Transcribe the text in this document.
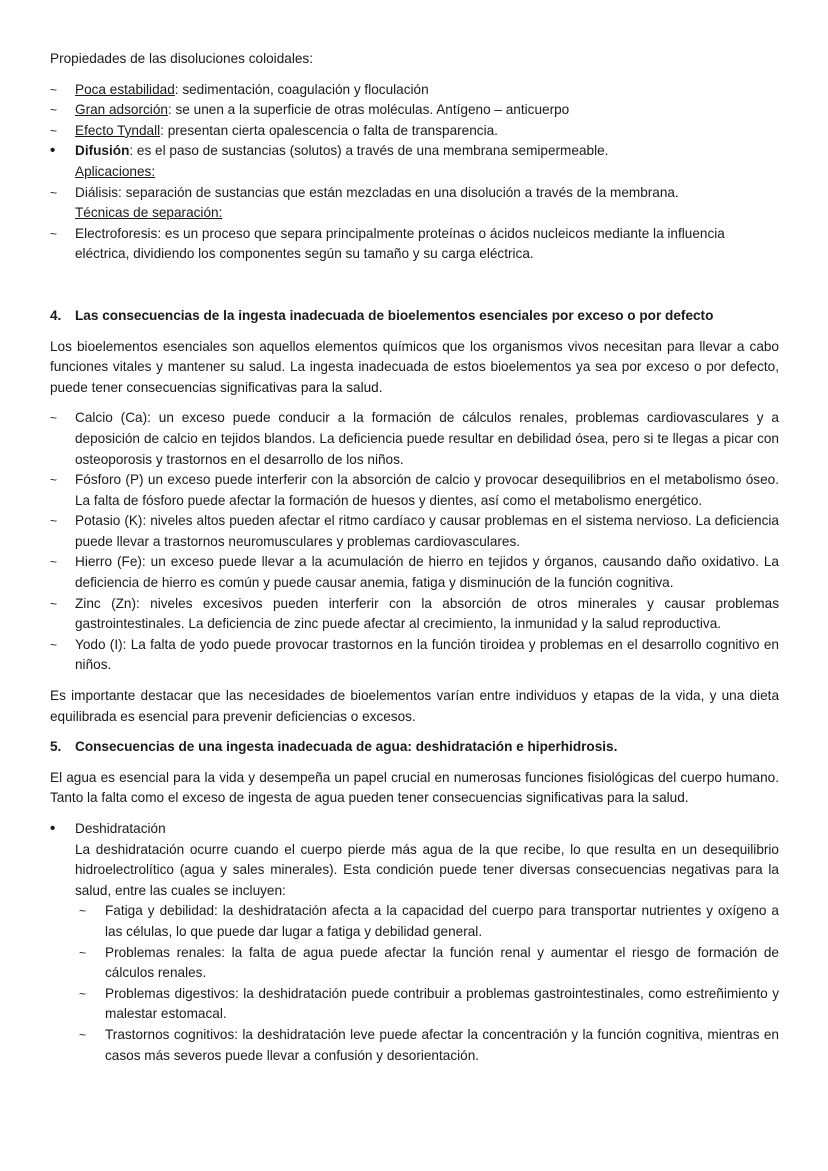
Propiedades de las disoluciones coloidales:

~	Poca estabilidad: sedimentación, coagulación y floculación
~	Gran adsorción: se unen a la superficie de otras moléculas. Antígeno – anticuerpo
~	Efecto Tyndall: presentan cierta opalescencia o falta de transparencia.
•	Difusión: es el paso de sustancias (solutos) a través de una membrana semipermeable.
Aplicaciones:
~	Diálisis: separación de sustancias que están mezcladas en una disolución a través de la membrana.
Técnicas de separación:
~	Electroforesis: es un proceso que separa principalmente proteínas o ácidos nucleicos mediante la influencia eléctrica, dividiendo los componentes según su tamaño y su carga eléctrica.
4. Las consecuencias de la ingesta inadecuada de bioelementos esenciales por exceso o por defecto

Los bioelementos esenciales son aquellos elementos químicos que los organismos vivos necesitan para llevar a cabo funciones vitales y mantener su salud. La ingesta inadecuada de estos bioelementos ya sea por exceso o por defecto, puede tener consecuencias significativas para la salud.

~	Calcio (Ca): un exceso puede conducir a la formación de cálculos renales, problemas cardiovasculares y a deposición de calcio en tejidos blandos. La deficiencia puede resultar en debilidad ósea, pero si te llegas a picar con osteoporosis y trastornos en el desarrollo de los niños.
~	Fósforo (P) un exceso puede interferir con la absorción de calcio y provocar desequilibrios en el metabolismo óseo. La falta de fósforo puede afectar la formación de huesos y dientes, así como el metabolismo energético.
~	Potasio (K): niveles altos pueden afectar el ritmo cardíaco y causar problemas en el sistema nervioso. La deficiencia puede llevar a trastornos neuromusculares y problemas cardiovasculares.
~	Hierro (Fe): un exceso puede llevar a la acumulación de hierro en tejidos y órganos, causando daño oxidativo. La deficiencia de hierro es común y puede causar anemia, fatiga y disminución de la función cognitiva.
~	Zinc (Zn): niveles excesivos pueden interferir con la absorción de otros minerales y causar problemas gastrointestinales. La deficiencia de zinc puede afectar al crecimiento, la inmunidad y la salud reproductiva.
~	Yodo (I): La falta de yodo puede provocar trastornos en la función tiroidea y problemas en el desarrollo cognitivo en niños.

Es importante destacar que las necesidades de bioelementos varían entre individuos y etapas de la vida, y una dieta equilibrada es esencial para prevenir deficiencias o excesos.

5. Consecuencias de una ingesta inadecuada de agua: deshidratación e hiperhidrosis.

El agua es esencial para la vida y desempeña un papel crucial en numerosas funciones fisiológicas del cuerpo humano. Tanto la falta como el exceso de ingesta de agua pueden tener consecuencias significativas para la salud.

•	Deshidratación
La deshidratación ocurre cuando el cuerpo pierde más agua de la que recibe, lo que resulta en un desequilibrio hidroelectrolítico (agua y sales minerales). Esta condición puede tener diversas consecuencias negativas para la salud, entre las cuales se incluyen:
~	Fatiga y debilidad: la deshidratación afecta a la capacidad del cuerpo para transportar nutrientes y oxígeno a las células, lo que puede dar lugar a fatiga y debilidad general.
~	Problemas renales: la falta de agua puede afectar la función renal y aumentar el riesgo de formación de cálculos renales.
~	Problemas digestivos: la deshidratación puede contribuir a problemas gastrointestinales, como estreñimiento y malestar estomacal.
~	Trastornos cognitivos: la deshidratación leve puede afectar la concentración y la función cognitiva, mientras en casos más severos puede llevar a confusión y desorientación.
